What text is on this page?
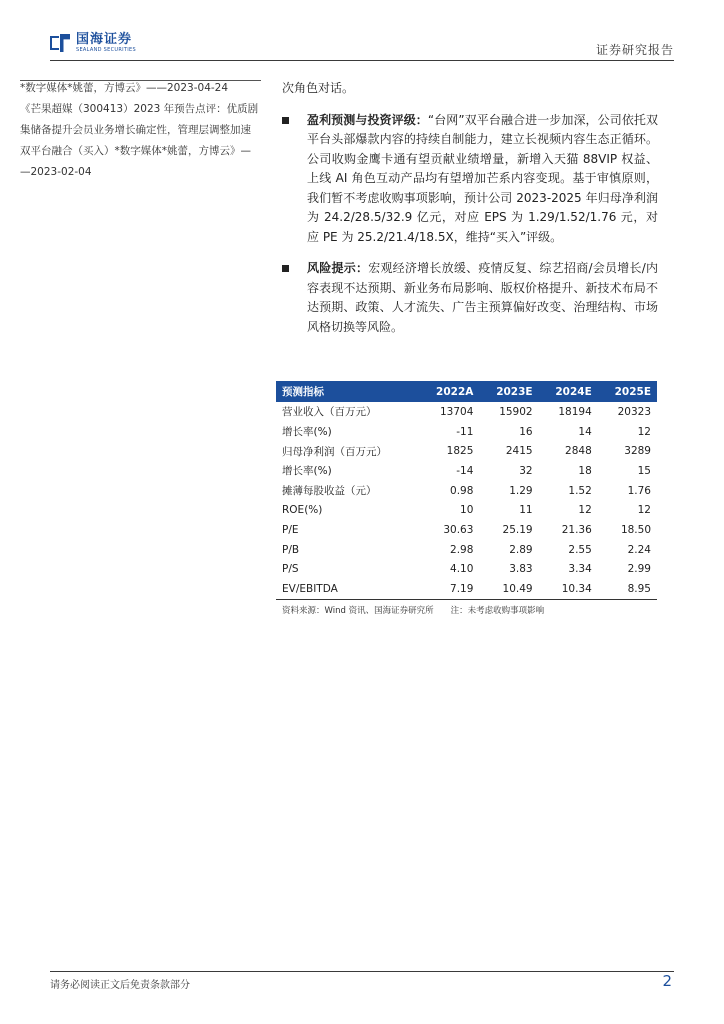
国海证券
SEALAND SECURITIES	证券研究报告

*数字媒体*姚蕾，方博云》——2023-04-24

《芒果超媒（300413）2023 年预告点评：优质剧

集储备提升会员业务增长确定性，管理层调整加速

双平台融合（买入）*数字媒体*姚蕾，方博云》—

—2023-02-04

次角色对话。

盈利预测与投资评级：“台网”双平台融合进一步加深，公司依托双平台头部爆款内容的持续自制能力，建立长视频内容生态正循环。公司收购金鹰卡通有望贡献业绩增量，新增入天猫 88VIP 权益、上线 AI 角色互动产品均有望增加芒系内容变现。基于审慎原则，我们暂不考虑收购事项影响，预计公司 2023-2025 年归母净利润为 24.2/28.5/32.9 亿元，对应 EPS 为 1.29/1.52/1.76 元，对应 PE 为 25.2/21.4/18.5X，维持“买入”评级。
风险提示：宏观经济增长放缓、疫情反复、综艺招商/会员增长/内容表现不达预期、新业务布局影响、版权价格提升、新技术布局不达预期、政策、人才流失、广告主预算偏好改变、治理结构、市场风格切换等风险。
预测指标	2022A	2023E	2024E	2025E
营业收入（百万元）	13704	15902	18194	20323
增长率(%)	-11	16	14	12
归母净利润（百万元）	1825	2415	2848	3289
增长率(%)	-14	32	18	15
摊薄每股收益（元）	0.98	1.29	1.52	1.76
ROE(%)	10	11	12	12
P/E	30.63	25.19	21.36	18.50
P/B	2.98	2.89	2.55	2.24
P/S	4.10	3.83	3.34	2.99
EV/EBITDA	7.19	10.49	10.34	8.95
资料来源：Wind 资讯、国海证券研究所 注：未考虑收购事项影响
请务必阅读正文后免责条款部分	2
